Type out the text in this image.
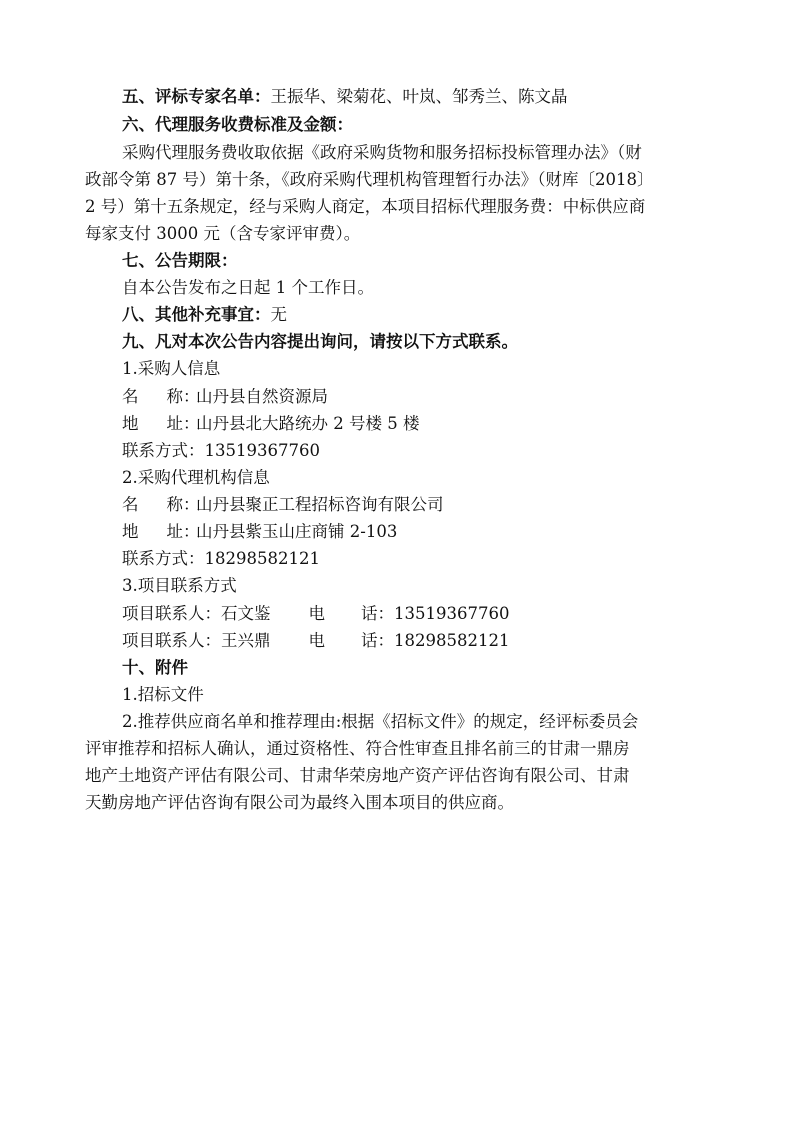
五、评标专家名单：王振华、梁菊花、叶岚、邹秀兰、陈文晶
六、代理服务收费标准及金额：
采购代理服务费收取依据《政府采购货物和服务招标投标管理办法》（财
政部令第 87 号）第十条，《政府采购代理机构管理暂行办法》（财库〔2018〕
2 号）第十五条规定，经与采购人商定，本项目招标代理服务费：中标供应商
每家支付 3000 元（含专家评审费）。
七、公告期限：
自本公告发布之日起 1 个工作日。
八、其他补充事宜：无
九、凡对本次公告内容提出询问，请按以下方式联系。
1.采购人信息
名 称：山丹县自然资源局
地 址：山丹县北大路统办 2 号楼 5 楼
联系方式：13519367760
2.采购代理机构信息
名 称：山丹县聚正工程招标咨询有限公司
地 址：山丹县紫玉山庄商铺 2-103
联系方式：18298582121
3.项目联系方式
项目联系人：石文鉴 电 话：13519367760
项目联系人：王兴鼎 电 话：18298582121
十、附件
1.招标文件
2.推荐供应商名单和推荐理由:根据《招标文件》的规定，经评标委员会
评审推荐和招标人确认，通过资格性、符合性审查且排名前三的甘肃一鼎房
地产土地资产评估有限公司、甘肃华荣房地产资产评估咨询有限公司、甘肃
天勤房地产评估咨询有限公司为最终入围本项目的供应商。
